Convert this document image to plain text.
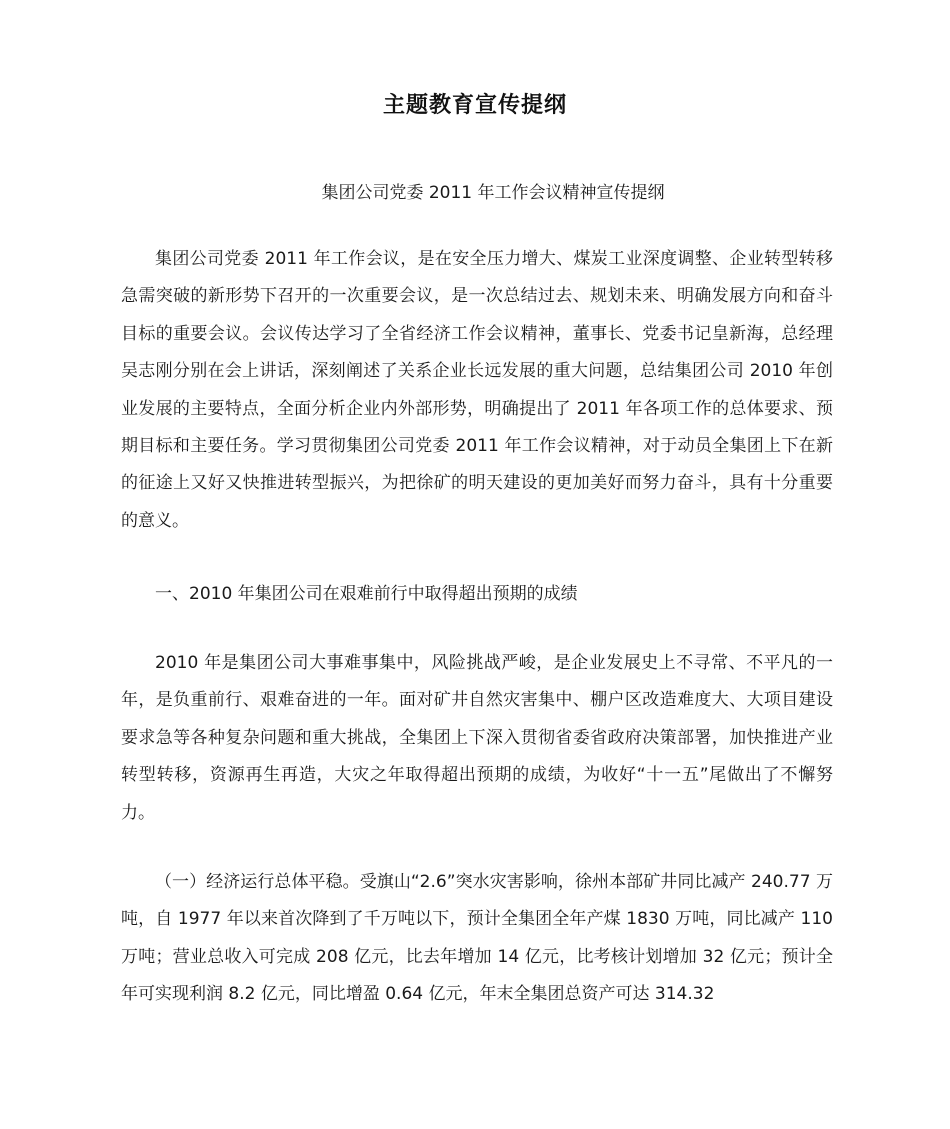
主题教育宣传提纲
集团公司党委 2011 年工作会议精神宣传提纲

集团公司党委 2011 年工作会议，是在安全压力增大、煤炭工业深度调整、企业转型转移急需突破的新形势下召开的一次重要会议，是一次总结过去、规划未来、明确发展方向和奋斗目标的重要会议。会议传达学习了全省经济工作会议精神，董事长、党委书记皇新海，总经理吴志刚分别在会上讲话，深刻阐述了关系企业长远发展的重大问题，总结集团公司 2010 年创业发展的主要特点，全面分析企业内外部形势，明确提出了 2011 年各项工作的总体要求、预期目标和主要任务。学习贯彻集团公司党委 2011 年工作会议精神，对于动员全集团上下在新的征途上又好又快推进转型振兴，为把徐矿的明天建设的更加美好而努力奋斗，具有十分重要的意义。

一、2010 年集团公司在艰难前行中取得超出预期的成绩

2010 年是集团公司大事难事集中，风险挑战严峻，是企业发展史上不寻常、不平凡的一年，是负重前行、艰难奋进的一年。面对矿井自然灾害集中、棚户区改造难度大、大项目建设要求急等各种复杂问题和重大挑战，全集团上下深入贯彻省委省政府决策部署，加快推进产业转型转移，资源再生再造，大灾之年取得超出预期的成绩，为收好“十一五”尾做出了不懈努力。

（一）经济运行总体平稳。受旗山“2.6”突水灾害影响，徐州本部矿井同比减产 240.77 万吨，自 1977 年以来首次降到了千万吨以下，预计全集团全年产煤 1830 万吨，同比减产 110 万吨；营业总收入可完成 208 亿元，比去年增加 14 亿元，比考核计划增加 32 亿元；预计全年可实现利润 8.2 亿元，同比增盈 0.64 亿元，年末全集团总资产可达 314.32
